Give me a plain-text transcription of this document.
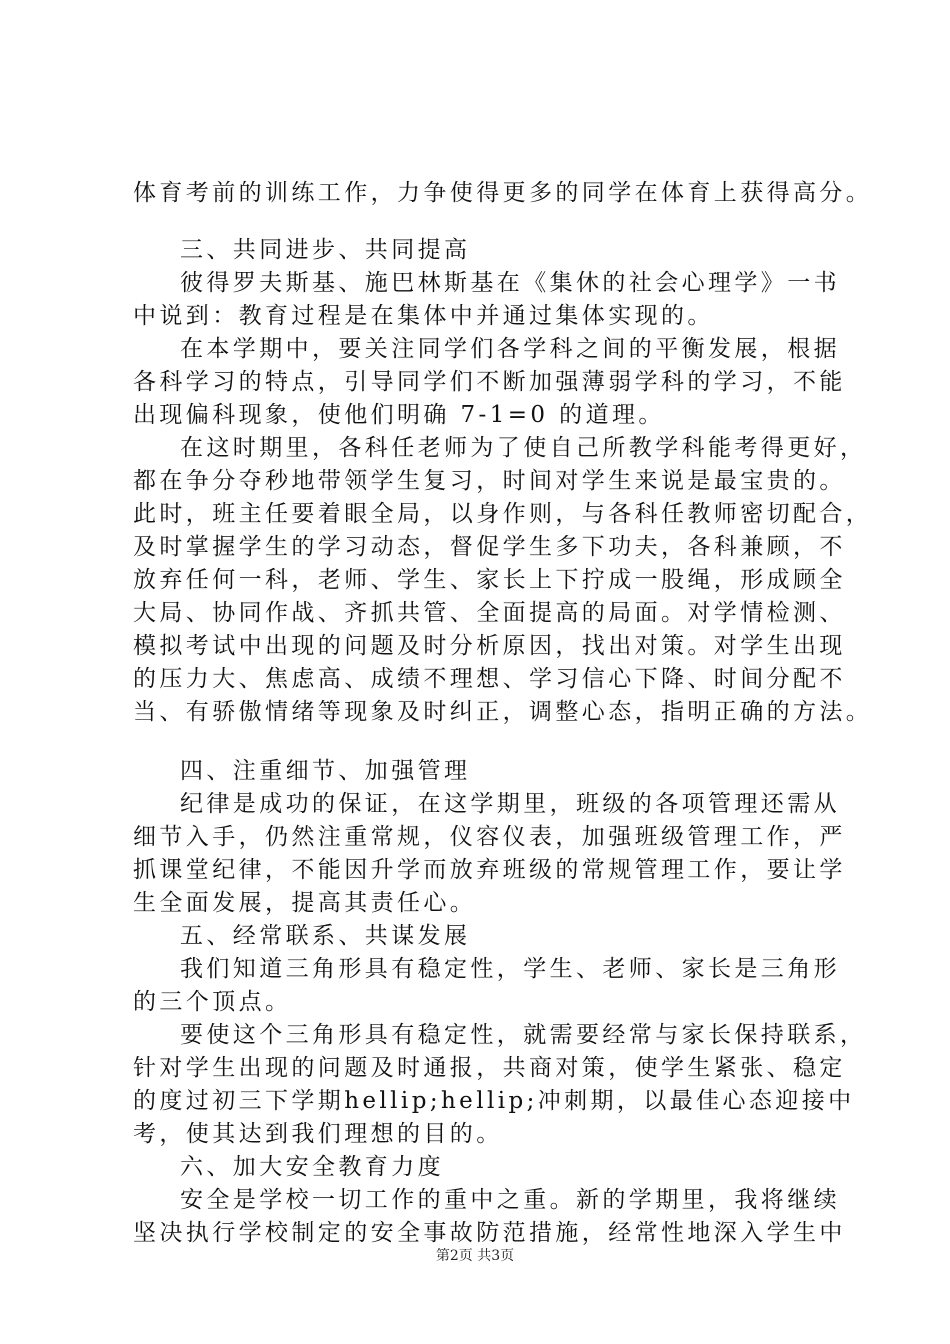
体育考前的训练工作，力争使得更多的同学在体育上获得高分。
三、共同进步、共同提高
彼得罗夫斯基、施巴林斯基在《集休的社会心理学》一书
中说到：教育过程是在集体中并通过集体实现的。
在本学期中，要关注同学们各学科之间的平衡发展，根据
各科学习的特点，引导同学们不断加强薄弱学科的学习，不能
出现偏科现象，使他们明确 7-1=0 的道理。
在这时期里，各科任老师为了使自己所教学科能考得更好，
都在争分夺秒地带领学生复习，时间对学生来说是最宝贵的。
此时，班主任要着眼全局，以身作则，与各科任教师密切配合，
及时掌握学生的学习动态，督促学生多下功夫，各科兼顾，不
放弃任何一科，老师、学生、家长上下拧成一股绳，形成顾全
大局、协同作战、齐抓共管、全面提高的局面。对学情检测、
模拟考试中出现的问题及时分析原因，找出对策。对学生出现
的压力大、焦虑高、成绩不理想、学习信心下降、时间分配不
当、有骄傲情绪等现象及时纠正，调整心态，指明正确的方法。
四、注重细节、加强管理
纪律是成功的保证，在这学期里，班级的各项管理还需从
细节入手，仍然注重常规，仪容仪表，加强班级管理工作，严
抓课堂纪律，不能因升学而放弃班级的常规管理工作，要让学
生全面发展，提高其责任心。
五、经常联系、共谋发展
我们知道三角形具有稳定性，学生、老师、家长是三角形
的三个顶点。
要使这个三角形具有稳定性，就需要经常与家长保持联系，
针对学生出现的问题及时通报，共商对策，使学生紧张、稳定
的度过初三下学期hellip;hellip;冲刺期，以最佳心态迎接中
考，使其达到我们理想的目的。
六、加大安全教育力度
安全是学校一切工作的重中之重。新的学期里，我将继续
坚决执行学校制定的安全事故防范措施，经常性地深入学生中
第2页 共3页
